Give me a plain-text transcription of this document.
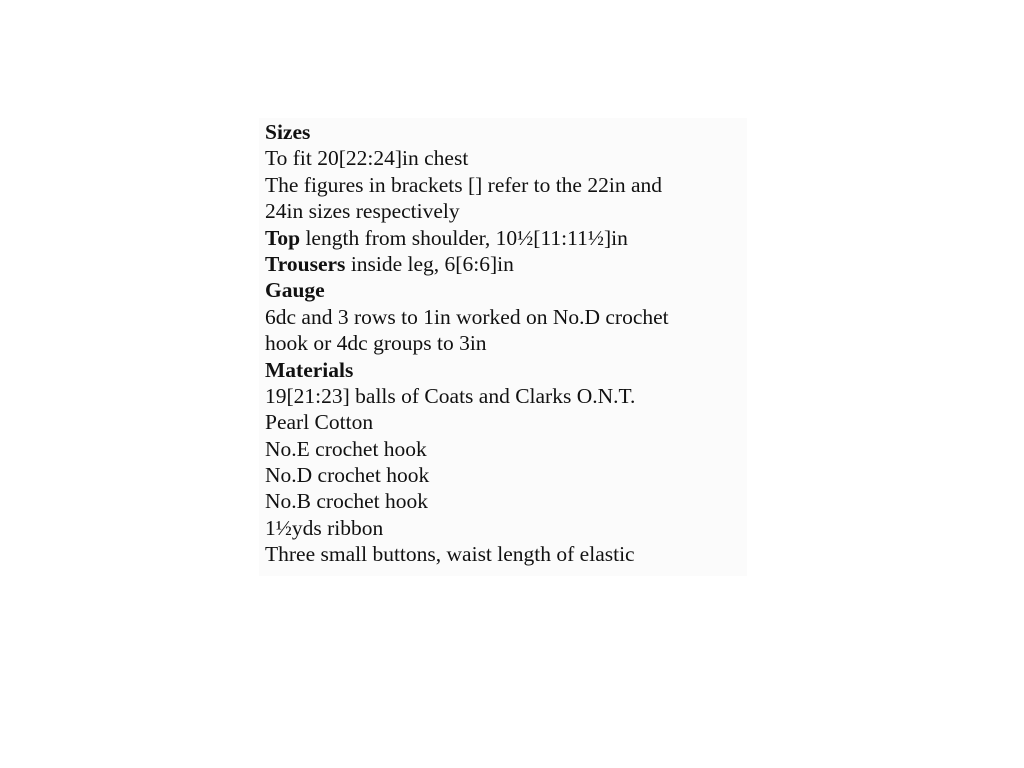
Sizes
To fit 20[22:24]in chest
The figures in brackets [] refer to the 22in and
24in sizes respectively
Top length from shoulder, 10½[11:11½]in
Trousers inside leg, 6[6:6]in
Gauge
6dc and 3 rows to 1in worked on No.D crochet
hook or 4dc groups to 3in
Materials
19[21:23] balls of Coats and Clarks O.N.T.
Pearl Cotton
No.E crochet hook
No.D crochet hook
No.B crochet hook
1½yds ribbon
Three small buttons, waist length of elastic
